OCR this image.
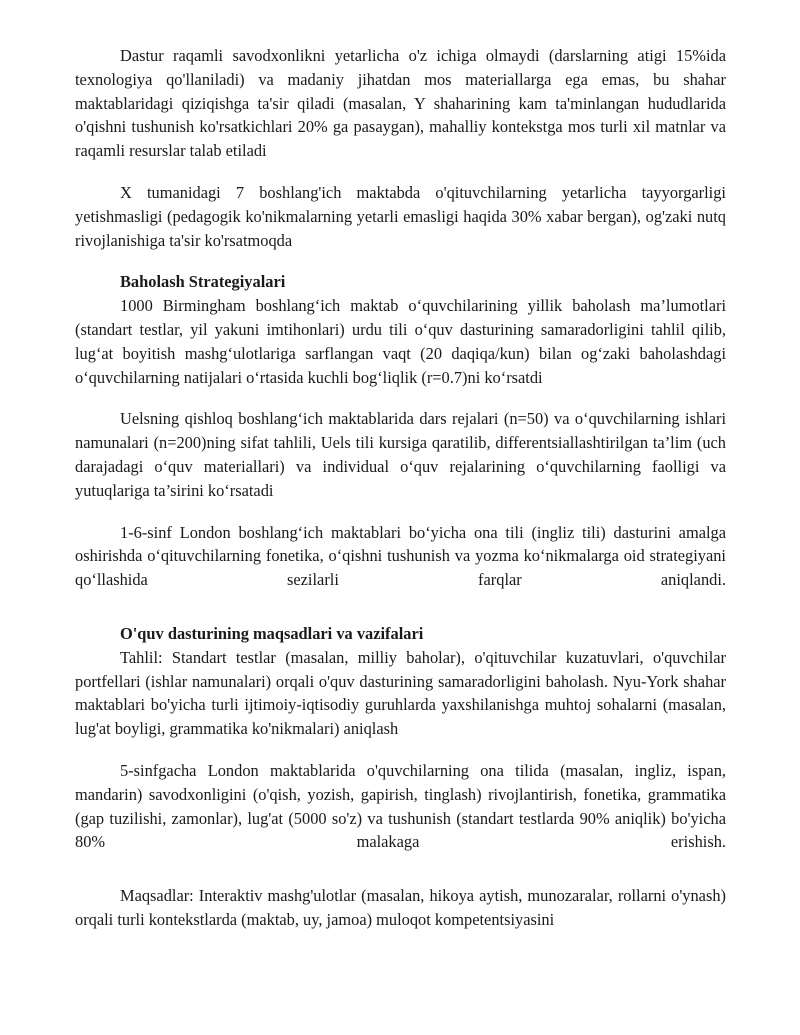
Dastur raqamli savodxonlikni yetarlicha o'z ichiga olmaydi (darslarning atigi 15%ida texnologiya qo'llaniladi) va madaniy jihatdan mos materiallarga ega emas, bu shahar maktablaridagi qiziqishga ta'sir qiladi (masalan, Y shaharining kam ta'minlangan hududlarida o'qishni tushunish ko'rsatkichlari 20% ga pasaygan), mahalliy kontekstga mos turli xil matnlar va raqamli resurslar talab etiladi

X tumanidagi 7 boshlang'ich maktabda o'qituvchilarning yetarlicha tayyorgarligi yetishmasligi (pedagogik ko'nikmalarning yetarli emasligi haqida 30% xabar bergan), og'zaki nutq rivojlanishiga ta'sir ko'rsatmoqda

Baholash Strategiyalari

1000 Birmingham boshlang‘ich maktab o‘quvchilarining yillik baholash ma’lumotlari (standart testlar, yil yakuni imtihonlari) urdu tili o‘quv dasturining samaradorligini tahlil qilib, lug‘at boyitish mashg‘ulotlariga sarflangan vaqt (20 daqiqa/kun) bilan og‘zaki baholashdagi o‘quvchilarning natijalari o‘rtasida kuchli bog‘liqlik (r=0.7)ni ko‘rsatdi

Uelsning qishloq boshlang‘ich maktablarida dars rejalari (n=50) va o‘quvchilarning ishlari namunalari (n=200)ning sifat tahlili, Uels tili kursiga qaratilib, differentsiallashtirilgan ta’lim (uch darajadagi o‘quv materiallari) va individual o‘quv rejalarining o‘quvchilarning faolligi va yutuqlariga ta’sirini ko‘rsatadi

1-6-sinf London boshlang‘ich maktablari bo‘yicha ona tili (ingliz tili) dasturini amalga oshirishda o‘qituvchilarning fonetika, o‘qishni tushunish va yozma ko‘nikmalarga oid strategiyani qo‘llashida sezilarli farqlar aniqlandi.

O'quv dasturining maqsadlari va vazifalari

Tahlil: Standart testlar (masalan, milliy baholar), o'qituvchilar kuzatuvlari, o'quvchilar portfellari (ishlar namunalari) orqali o'quv dasturining samaradorligini baholash. Nyu-York shahar maktablari bo'yicha turli ijtimoiy-iqtisodiy guruhlarda yaxshilanishga muhtoj sohalarni (masalan, lug'at boyligi, grammatika ko'nikmalari) aniqlash

5-sinfgacha London maktablarida o'quvchilarning ona tilida (masalan, ingliz, ispan, mandarin) savodxonligini (o'qish, yozish, gapirish, tinglash) rivojlantirish, fonetika, grammatika (gap tuzilishi, zamonlar), lug'at (5000 so'z) va tushunish (standart testlarda 90% aniqlik) bo'yicha 80% malakaga erishish.

Maqsadlar: Interaktiv mashg'ulotlar (masalan, hikoya aytish, munozaralar, rollarni o'ynash) orqali turli kontekstlarda (maktab, uy, jamoa) muloqot kompetentsiyasini
